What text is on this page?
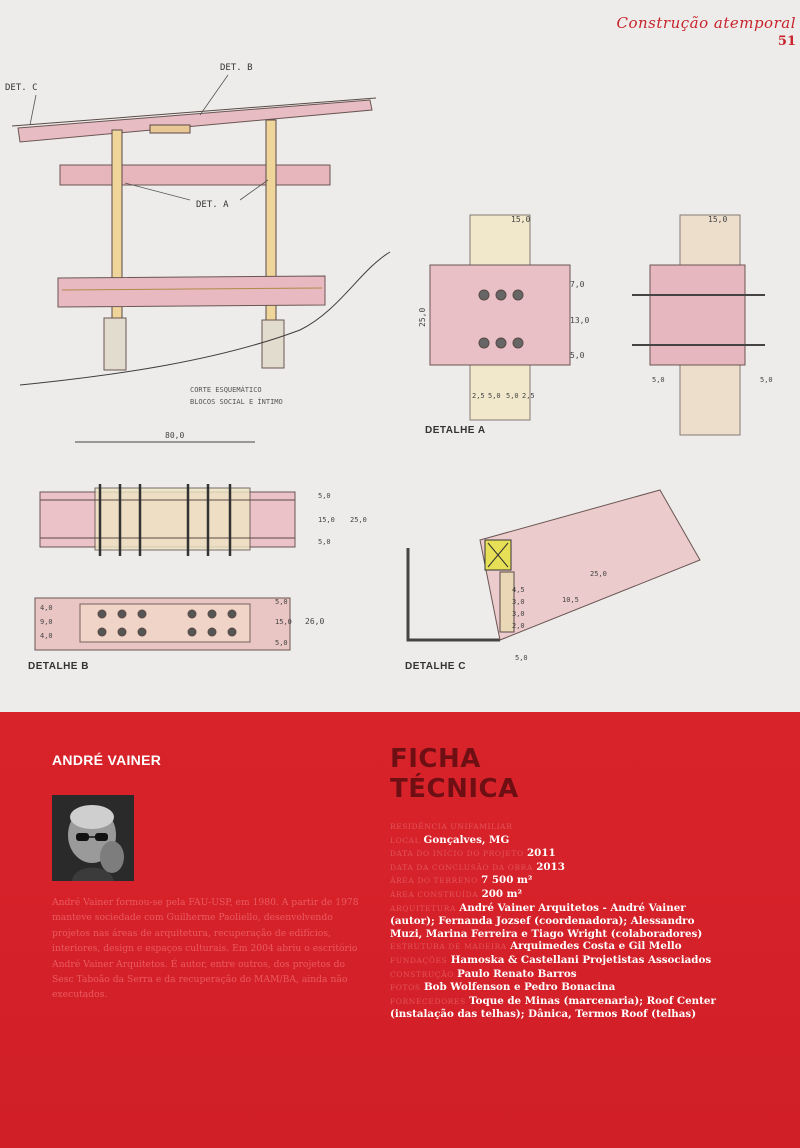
Construção atemporal
51
DET. C
DET. B
DET. A
CORTE ESQUEMÁTICO
BLOCOS SOCIAL E ÍNTIMO
15,0	15,0
25,0
7,0
13,0
5,0
2,5 5,0 5,0 2,5
5,0	5,0
80,0
5,0
15,0
5,0
25,0
4,0
9,0
4,0
5,0
15,0
5,0
26,0
25,0
4,5
3,0
3,0
2,0
5,0
10,5
DETALHE A
DETALHE B	DETALHE C
ANDRÉ VAINER
André Vainer formou-se pela FAU-USP, em 1980. A partir de 1978 manteve sociedade com Guilherme Paoliello, desenvolvendo projetos nas áreas de arquitetura, recuperação de edifícios, interiores, design e espaços culturais. Em 2004 abriu o escritório André Vainer Arquitetos. É autor, entre outros, dos projetos do Sesc Taboão da Serra e da recuperação do MAM/BA, ainda não executados.
FICHA
TÉCNICA
RESIDÊNCIA UNIFAMILIAR
LOCAL Gonçalves, MG
DATA DO INÍCIO DO PROJETO 2011
DATA DA CONCLUSÃO DA OBRA 2013
ÁREA DO TERRENO 7 500 m²
ÁREA CONSTRUÍDA 200 m²
ARQUITETURA André Vainer Arquitetos - André Vainer (autor); Fernanda Jozsef (coordenadora); Alessandro Muzi, Marina Ferreira e Tiago Wright (colaboradores)
ESTRUTURA DE MADEIRA Arquimedes Costa e Gil Mello
FUNDAÇÕES Hamoska & Castellani Projetistas Associados
CONSTRUÇÃO Paulo Renato Barros
FOTOS Bob Wolfenson e Pedro Bonacina
FORNECEDORES Toque de Minas (marcenaria); Roof Center (instalação das telhas); Dânica, Termos Roof (telhas)
